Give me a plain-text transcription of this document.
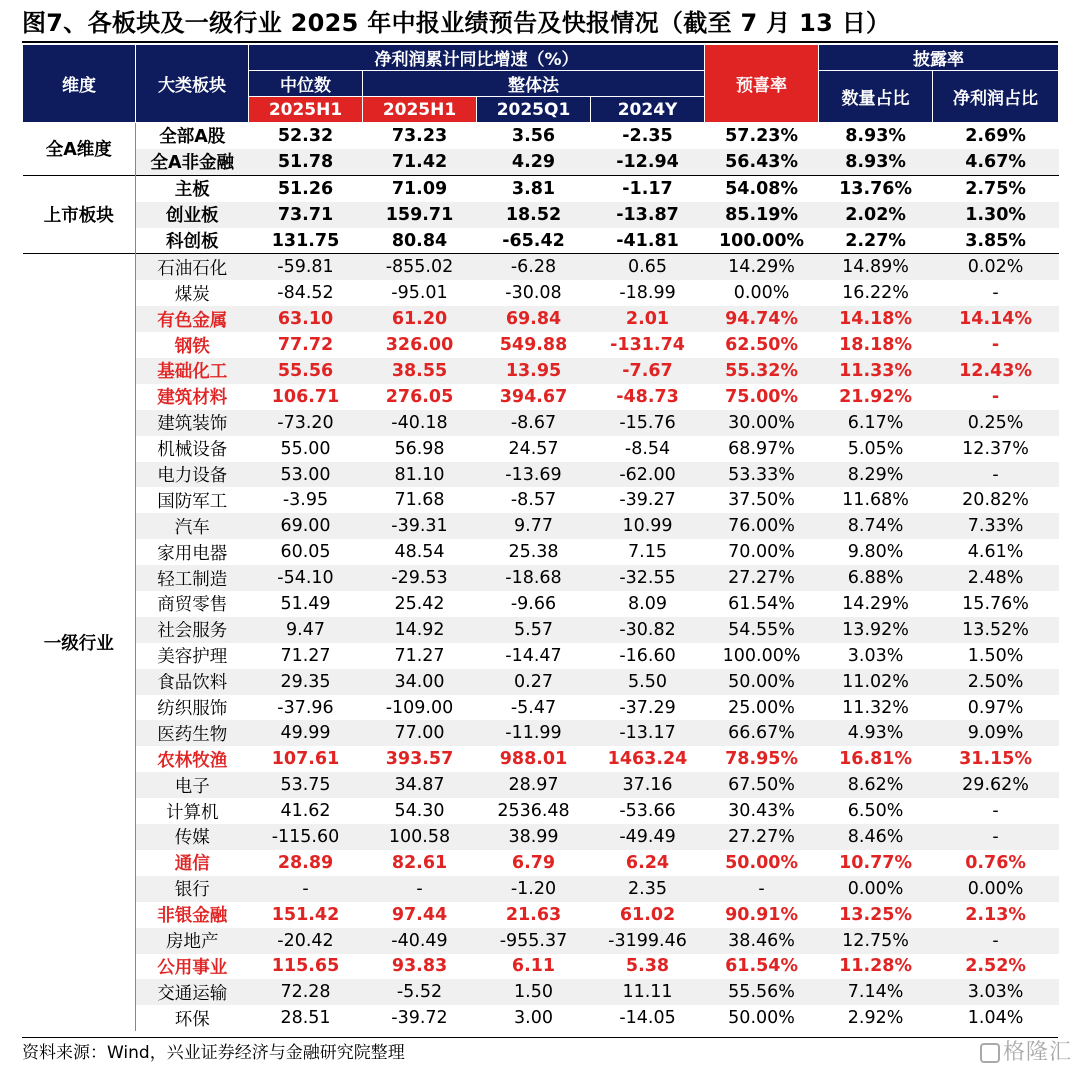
图7、各板块及一级行业 2025 年中报业绩预告及快报情况（截至 7 月 13 日）
维度	大类板块	净利润累计同比增速（%）				预喜率	披露率	
		中位数	整体法				数量占比	净利润占比
		2025H1	2025H1	2025Q1	2024Y			
全A维度	全部A股	52.32	73.23	3.56	-2.35	57.23%	8.93%	2.69%
	全A非金融	51.78	71.42	4.29	-12.94	56.43%	8.93%	4.67%
上市板块	主板	51.26	71.09	3.81	-1.17	54.08%	13.76%	2.75%
	创业板	73.71	159.71	18.52	-13.87	85.19%	2.02%	1.30%
	科创板	131.75	80.84	-65.42	-41.81	100.00%	2.27%	3.85%
一级行业	石油石化	-59.81	-855.02	-6.28	0.65	14.29%	14.89%	0.02%
	煤炭	-84.52	-95.01	-30.08	-18.99	0.00%	16.22%	-
	有色金属	63.10	61.20	69.84	2.01	94.74%	14.18%	14.14%
	钢铁	77.72	326.00	549.88	-131.74	62.50%	18.18%	-
	基础化工	55.56	38.55	13.95	-7.67	55.32%	11.33%	12.43%
	建筑材料	106.71	276.05	394.67	-48.73	75.00%	21.92%	-
	建筑装饰	-73.20	-40.18	-8.67	-15.76	30.00%	6.17%	0.25%
	机械设备	55.00	56.98	24.57	-8.54	68.97%	5.05%	12.37%
	电力设备	53.00	81.10	-13.69	-62.00	53.33%	8.29%	-
	国防军工	-3.95	71.68	-8.57	-39.27	37.50%	11.68%	20.82%
	汽车	69.00	-39.31	9.77	10.99	76.00%	8.74%	7.33%
	家用电器	60.05	48.54	25.38	7.15	70.00%	9.80%	4.61%
	轻工制造	-54.10	-29.53	-18.68	-32.55	27.27%	6.88%	2.48%
	商贸零售	51.49	25.42	-9.66	8.09	61.54%	14.29%	15.76%
	社会服务	9.47	14.92	5.57	-30.82	54.55%	13.92%	13.52%
	美容护理	71.27	71.27	-14.47	-16.60	100.00%	3.03%	1.50%
	食品饮料	29.35	34.00	0.27	5.50	50.00%	11.02%	2.50%
	纺织服饰	-37.96	-109.00	-5.47	-37.29	25.00%	11.32%	0.97%
	医药生物	49.99	77.00	-11.99	-13.17	66.67%	4.93%	9.09%
	农林牧渔	107.61	393.57	988.01	1463.24	78.95%	16.81%	31.15%
	电子	53.75	34.87	28.97	37.16	67.50%	8.62%	29.62%
	计算机	41.62	54.30	2536.48	-53.66	30.43%	6.50%	-
	传媒	-115.60	100.58	38.99	-49.49	27.27%	8.46%	-
	通信	28.89	82.61	6.79	6.24	50.00%	10.77%	0.76%
	银行	-	-	-1.20	2.35	-	0.00%	0.00%
	非银金融	151.42	97.44	21.63	61.02	90.91%	13.25%	2.13%
	房地产	-20.42	-40.49	-955.37	-3199.46	38.46%	12.75%	-
	公用事业	115.65	93.83	6.11	5.38	61.54%	11.28%	2.52%
	交通运输	72.28	-5.52	1.50	11.11	55.56%	7.14%	3.03%
	环保	28.51	-39.72	3.00	-14.05	50.00%	2.92%	1.04%
资料来源：Wind，兴业证券经济与金融研究院整理	格隆汇
